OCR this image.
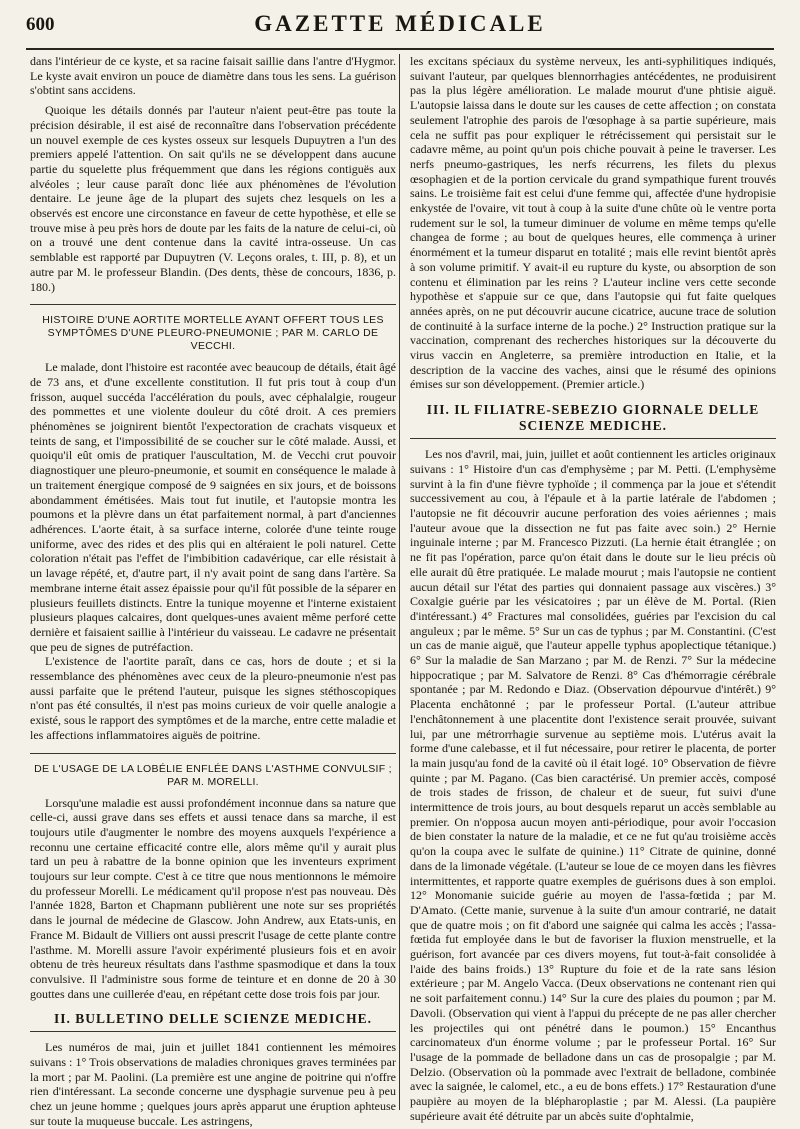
600	GAZETTE MÉDICALE

dans l'intérieur de ce kyste, et sa racine faisait saillie dans l'antre d'Hygmor. Le kyste avait environ un pouce de diamètre dans tous les sens. La guérison s'obtint sans accidens.

Quoique les détails donnés par l'auteur n'aient peut-être pas toute la précision désirable, il est aisé de reconnaître dans l'observation précédente un nouvel exemple de ces kystes osseux sur lesquels Dupuytren a l'un des premiers appelé l'attention. On sait qu'ils ne se développent dans aucune partie du squelette plus fréquemment que dans les régions contiguës aux alvéoles ; leur cause paraît donc liée aux phénomènes de l'évolution dentaire. Le jeune âge de la plupart des sujets chez lesquels on les a observés est encore une circonstance en faveur de cette hypothèse, et elle se trouve mise à peu près hors de doute par les faits de la nature de celui-ci, où on a trouvé une dent contenue dans la cavité intra-osseuse. Un cas semblable est rapporté par Dupuytren (V. Leçons orales, t. III, p. 8), et un autre par M. le professeur Blandin. (Des dents, thèse de concours, 1836, p. 180.)

HISTOIRE D'UNE AORTITE MORTELLE AYANT OFFERT TOUS LES SYMPTÔMES D'UNE PLEURO-PNEUMONIE ; PAR M. CARLO DE VECCHI.

Le malade, dont l'histoire est racontée avec beaucoup de détails, était âgé de 73 ans, et d'une excellente constitution. Il fut pris tout à coup d'un frisson, auquel succéda l'accélération du pouls, avec céphalalgie, rougeur des pommettes et une violente douleur du côté droit. A ces premiers phénomènes se joignirent bientôt l'expectoration de crachats visqueux et teints de sang, et l'impossibilité de se coucher sur le côté malade. Aussi, et quoiqu'il eût omis de pratiquer l'auscultation, M. de Vecchi crut pouvoir diagnostiquer une pleuro-pneumonie, et soumit en conséquence le malade à un traitement énergique composé de 9 saignées en six jours, et de boissons abondamment émétisées. Mais tout fut inutile, et l'autopsie montra les poumons et la plèvre dans un état parfaitement normal, à part d'anciennes adhérences. L'aorte était, à sa surface interne, colorée d'une teinte rouge uniforme, avec des rides et des plis qui en altéraient le poli naturel. Cette coloration n'était pas l'effet de l'imbibition cadavérique, car elle résistait à un lavage répété, et, d'autre part, il n'y avait point de sang dans l'artère. Sa membrane interne était assez épaissie pour qu'il fût possible de la séparer en plusieurs feuillets distincts. Entre la tunique moyenne et l'interne existaient plusieurs plaques calcaires, dont quelques-unes avaient même perforé cette dernière et faisaient saillie à l'intérieur du vaisseau. Le cadavre ne présentait que peu de signes de putréfaction.

L'existence de l'aortite paraît, dans ce cas, hors de doute ; et si la ressemblance des phénomènes avec ceux de la pleuro-pneumonie n'est pas aussi parfaite que le prétend l'auteur, puisque les signes stéthoscopiques n'ont pas été consultés, il n'est pas moins curieux de voir quelle analogie a existé, sous le rapport des symptômes et de la marche, entre cette maladie et les affections inflammatoires aiguës de poitrine.

DE L'USAGE DE LA LOBÉLIE ENFLÉE DANS L'ASTHME CONVULSIF ; PAR M. MORELLI.

Lorsqu'une maladie est aussi profondément inconnue dans sa nature que celle-ci, aussi grave dans ses effets et aussi tenace dans sa marche, il est toujours utile d'augmenter le nombre des moyens auxquels l'expérience a reconnu une certaine efficacité contre elle, alors même qu'il y aurait plus tard un peu à rabattre de la bonne opinion que les inventeurs expriment toujours sur leur compte. C'est à ce titre que nous mentionnons le mémoire du professeur Morelli. Le médicament qu'il propose n'est pas nouveau. Dès l'année 1828, Barton et Chapmann publièrent une note sur ses propriétés dans le journal de médecine de Glascow. John Andrew, aux Etats-unis, en France M. Bidault de Villiers ont aussi prescrit l'usage de cette plante contre l'asthme. M. Morelli assure l'avoir expérimenté plusieurs fois et en avoir obtenu de très heureux résultats dans l'asthme spasmodique et dans la toux convulsive. Il l'administre sous forme de teinture et en donne de 20 à 30 gouttes dans une cuillerée d'eau, en répétant cette dose trois fois par jour.

II. BULLETINO DELLE SCIENZE MEDICHE.

Les numéros de mai, juin et juillet 1841 contiennent les mémoires suivans : 1° Trois observations de maladies chroniques graves terminées par la mort ; par M. Paolini. (La première est une angine de poitrine qui n'offre rien d'intéressant. La seconde concerne une dysphagie survenue peu à peu chez un jeune homme ; quelques jours après apparut une éruption aphteuse sur toute la muqueuse buccale. Les astringens,

les excitans spéciaux du système nerveux, les anti-syphilitiques indiqués, suivant l'auteur, par quelques blennorrhagies antécédentes, ne produisirent pas la plus légère amélioration. Le malade mourut d'une phtisie aiguë. L'autopsie laissa dans le doute sur les causes de cette affection ; on constata seulement l'atrophie des parois de l'œsophage à sa partie supérieure, mais cela ne suffit pas pour expliquer le rétrécissement qui persistait sur le cadavre même, au point qu'un pois chiche pouvait à peine le traverser. Les nerfs pneumo-gastriques, les nerfs récurrens, les filets du plexus œsophagien et de la portion cervicale du grand sympathique furent trouvés sains. Le troisième fait est celui d'une femme qui, affectée d'une hydropisie enkystée de l'ovaire, vit tout à coup à la suite d'une chûte où le ventre porta rudement sur le sol, la tumeur diminuer de volume en même temps qu'elle changea de forme ; au bout de quelques heures, elle commença à uriner énormément et la tumeur disparut en totalité ; mais elle revint bientôt après à son volume primitif. Y avait-il eu rupture du kyste, ou absorption de son contenu et élimination par les reins ? L'auteur incline vers cette seconde hypothèse et s'appuie sur ce que, dans l'autopsie qui fut faite quelques années après, on ne put découvrir aucune cicatrice, aucune trace de solution de continuité à la surface interne de la poche.) 2° Instruction pratique sur la vaccination, comprenant des recherches historiques sur la découverte du virus vaccin en Angleterre, sa première introduction en Italie, et la description de la vaccine des vaches, ainsi que le résumé des opinions émises sur son développement. (Premier article.)

III. IL FILIATRE-SEBEZIO GIORNALE DELLE SCIENZE MEDICHE.

Les nos d'avril, mai, juin, juillet et août contiennent les articles originaux suivans : 1° Histoire d'un cas d'emphysème ; par M. Petti. (L'emphysème survint à la fin d'une fièvre typhoïde ; il commença par la joue et s'étendit successivement au cou, à l'épaule et à la partie latérale de l'abdomen ; l'autopsie ne fit découvrir aucune perforation des voies aériennes ; mais l'auteur avoue que la dissection ne fut pas faite avec soin.) 2° Hernie inguinale interne ; par M. Francesco Pizzuti. (La hernie était étranglée ; on ne fit pas l'opération, parce qu'on était dans le doute sur le lieu précis où elle aurait dû être pratiquée. Le malade mourut ; mais l'autopsie ne contient aucun détail sur l'état des parties qui donnaient passage aux viscères.) 3° Coxalgie guérie par les vésicatoires ; par un élève de M. Portal. (Rien d'intéressant.) 4° Fractures mal consolidées, guéries par l'excision du cal anguleux ; par le même. 5° Sur un cas de typhus ; par M. Constantini. (C'est un cas de manie aiguë, que l'auteur appelle typhus apoplectique tétanique.) 6° Sur la maladie de San Marzano ; par M. de Renzi. 7° Sur la médecine hippocratique ; par M. Salvatore de Renzi. 8° Cas d'hémorragie cérébrale spontanée ; par M. Redondo e Diaz. (Observation dépourvue d'intérêt.) 9° Placenta enchâtonné ; par le professeur Portal. (L'auteur attribue l'enchâtonnement à une placentite dont l'existence serait prouvée, suivant lui, par une métrorrhagie survenue au septième mois. L'utérus avait la forme d'une calebasse, et il fut nécessaire, pour retirer le placenta, de porter la main jusqu'au fond de la cavité où il était logé. 10° Observation de fièvre quinte ; par M. Pagano. (Cas bien caractérisé. Un premier accès, composé de trois stades de frisson, de chaleur et de sueur, fut suivi d'une intermittence de trois jours, au bout desquels reparut un accès semblable au premier. On n'opposa aucun moyen anti-périodique, pour avoir l'occasion de bien constater la nature de la maladie, et ce ne fut qu'au troisième accès qu'on la coupa avec le sulfate de quinine.) 11° Citrate de quinine, donné dans de la limonade végétale. (L'auteur se loue de ce moyen dans les fièvres intermittentes, et rapporte quatre exemples de guérisons dues à son emploi. 12° Monomanie suicide guérie au moyen de l'assa-fœtida ; par M. D'Amato. (Cette manie, survenue à la suite d'un amour contrarié, ne datait que de quatre mois ; on fit d'abord une saignée qui calma les accès ; l'assa-fœtida fut employée dans le but de favoriser la fluxion menstruelle, et la guérison, fort avancée par ces divers moyens, fut tout-à-fait consolidée à l'aide des bains froids.) 13° Rupture du foie et de la rate sans lésion extérieure ; par M. Angelo Vacca. (Deux observations ne contenant rien qui ne soit parfaitement connu.) 14° Sur la cure des plaies du poumon ; par M. Davoli. (Observation qui vient à l'appui du précepte de ne pas aller chercher les projectiles qui ont pénétré dans le poumon.) 15° Encanthus carcinomateux d'un énorme volume ; par le professeur Portal. 16° Sur l'usage de la pommade de belladone dans un cas de prosopalgie ; par M. Delzio. (Observation où la pommade avec l'extrait de belladone, combinée avec la saignée, le calomel, etc., a eu de bons effets.) 17° Restauration d'une paupière au moyen de la blépharoplastie ; par M. Alessi. (La paupière supérieure avait été détruite par un abcès suite d'ophtalmie,
